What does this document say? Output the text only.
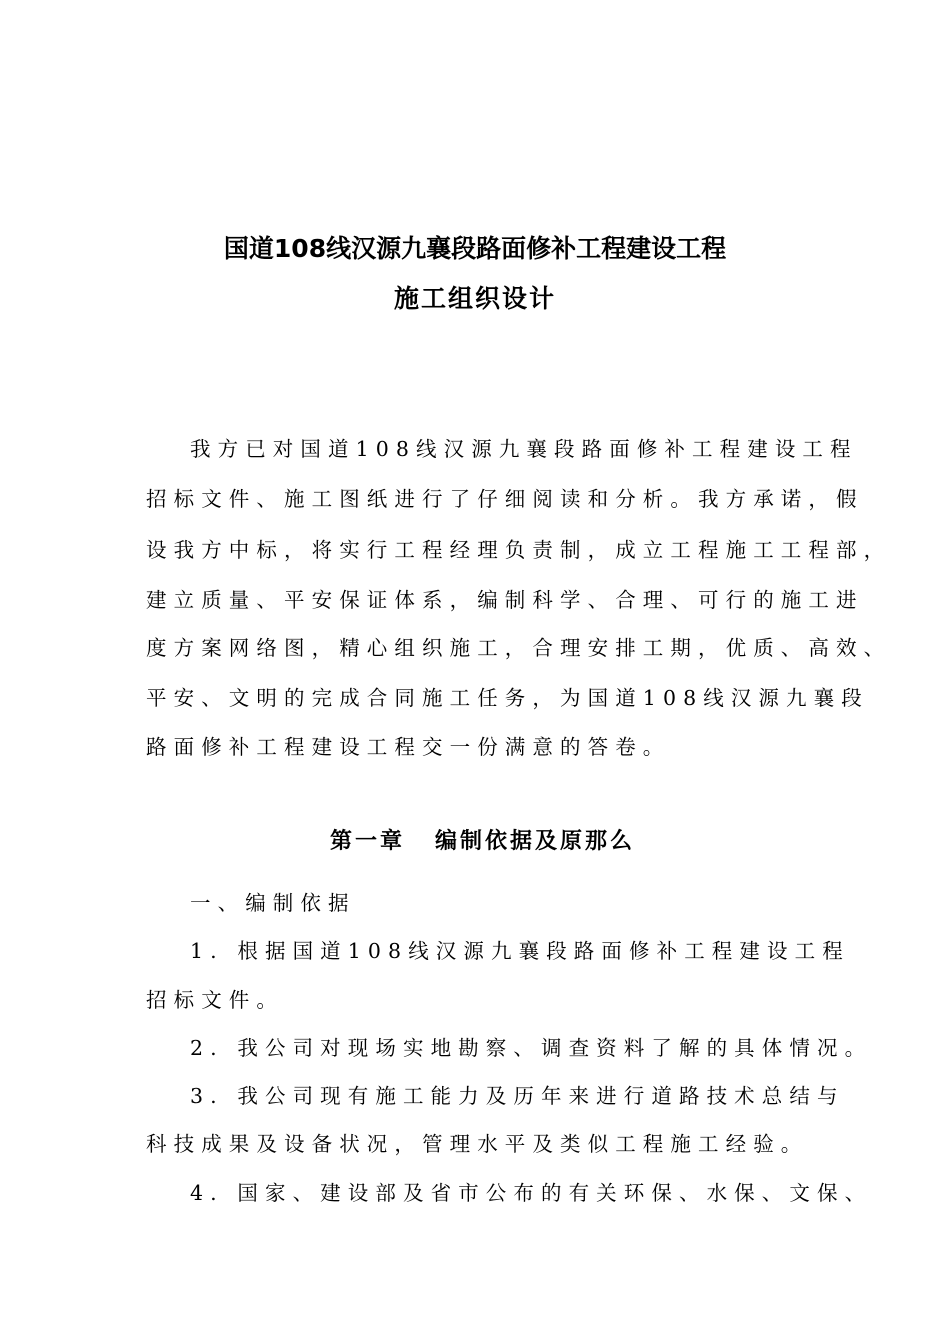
国道108线汉源九襄段路面修补工程建设工程
施工组织设计
我方已对国道108线汉源九襄段路面修补工程建设工程
招标文件、施工图纸进行了仔细阅读和分析。我方承诺，假
设我方中标，将实行工程经理负责制，成立工程施工工程部，
建立质量、平安保证体系，编制科学、合理、可行的施工进
度方案网络图，精心组织施工，合理安排工期，优质、高效、
平安、文明的完成合同施工任务，为国道108线汉源九襄段
路面修补工程建设工程交一份满意的答卷。
第一章 编制依据及原那么
一、编制依据
1. 根据国道108线汉源九襄段路面修补工程建设工程
招标文件。
2. 我公司对现场实地勘察、调查资料了解的具体情况。
3. 我公司现有施工能力及历年来进行道路技术总结与
科技成果及设备状况，管理水平及类似工程施工经验。
4. 国家、建设部及省市公布的有关环保、水保、文保、
